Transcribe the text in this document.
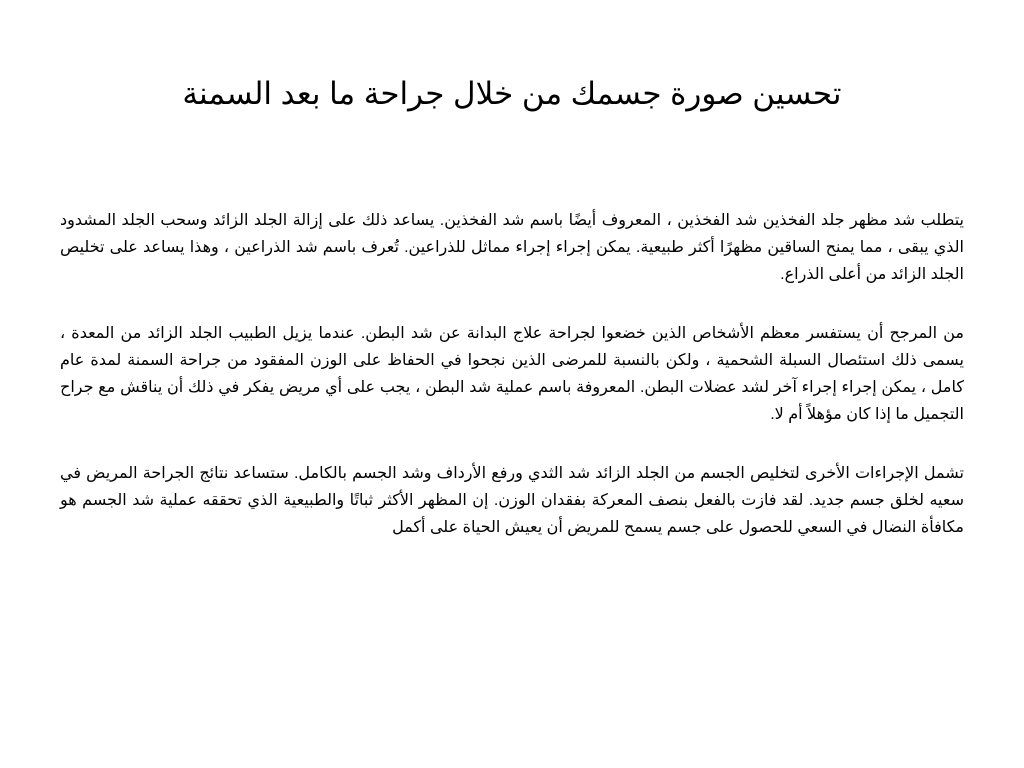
تحسين صورة جسمك من خلال جراحة ما بعد السمنة

يتطلب شد مظهر جلد الفخذين شد الفخذين ، المعروف أيضًا باسم شد الفخذين. يساعد ذلك على إزالة الجلد الزائد وسحب الجلد المشدود الذي يبقى ، مما يمنح الساقين مظهرًا أكثر طبيعية. يمكن إجراء إجراء مماثل للذراعين. تُعرف باسم شد الذراعين ، وهذا يساعد على تخليص الجلد الزائد من أعلى الذراع.

من المرجح أن يستفسر معظم الأشخاص الذين خضعوا لجراحة علاج البدانة عن شد البطن. عندما يزيل الطبيب الجلد الزائد من المعدة ، يسمى ذلك استئصال السبلة الشحمية ، ولكن بالنسبة للمرضى الذين نجحوا في الحفاظ على الوزن المفقود من جراحة السمنة لمدة عام كامل ، يمكن إجراء إجراء آخر لشد عضلات البطن. المعروفة باسم عملية شد البطن ، يجب على أي مريض يفكر في ذلك أن يناقش مع جراح التجميل ما إذا كان مؤهلاً أم لا.

تشمل الإجراءات الأخرى لتخليص الجسم من الجلد الزائد شد الثدي ورفع الأرداف وشد الجسم بالكامل. ستساعد نتائج الجراحة المريض في سعيه لخلق جسم جديد. لقد فازت بالفعل بنصف المعركة بفقدان الوزن. إن المظهر الأكثر ثباتًا والطبيعية الذي تحققه عملية شد الجسم هو مكافأة النضال في السعي للحصول على جسم يسمح للمريض أن يعيش الحياة على أكمل
